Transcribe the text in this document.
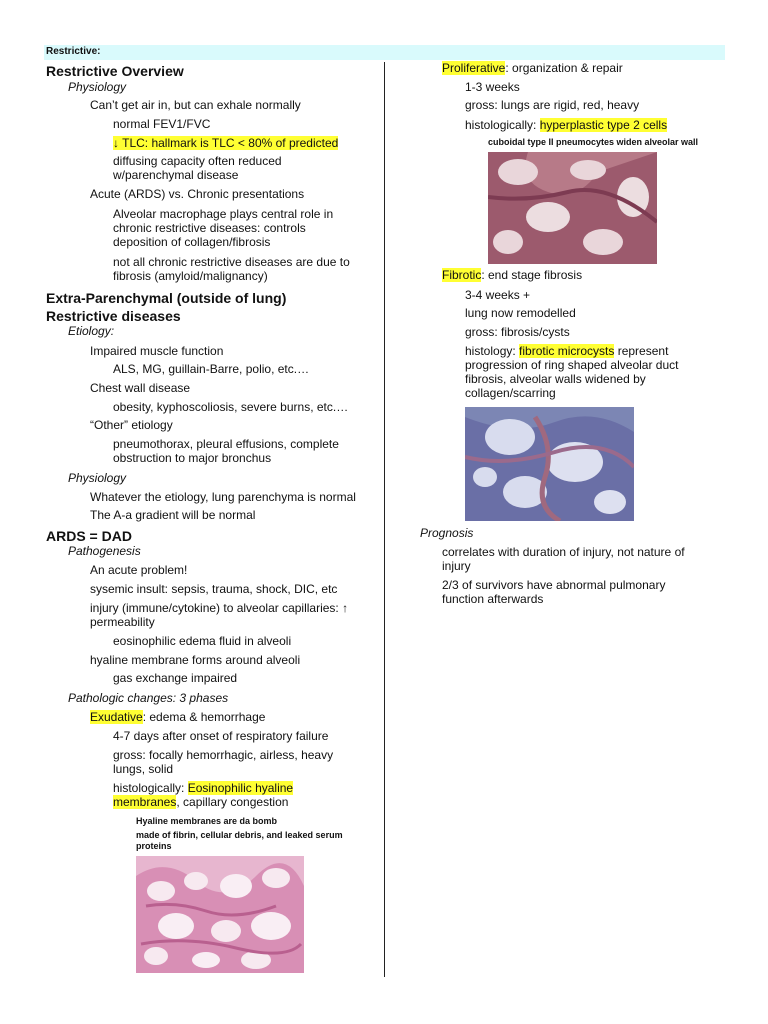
Restrictive:
Restrictive Overview
Physiology
Can’t get air in, but can exhale normally
normal FEV1/FVC
↓ TLC: hallmark is TLC < 80% of predicted
diffusing capacity often reduced w/parenchymal disease
Acute (ARDS) vs. Chronic presentations
Alveolar macrophage plays central role in chronic restrictive diseases: controls deposition of collagen/fibrosis
not all chronic restrictive diseases are due to fibrosis (amyloid/malignancy)
Extra-Parenchymal (outside of lung)
Restrictive diseases
Etiology:
Impaired muscle function
ALS, MG, guillain-Barre, polio, etc.…
Chest wall disease
obesity, kyphoscoliosis, severe burns, etc.…
“Other” etiology
pneumothorax, pleural effusions, complete obstruction to major bronchus
Physiology
Whatever the etiology, lung parenchyma is normal
The A-a gradient will be normal
ARDS = DAD
Pathogenesis
An acute problem!
sysemic insult: sepsis, trauma, shock, DIC, etc
injury (immune/cytokine) to alveolar capillaries: ↑ permeability
eosinophilic edema fluid in alveoli
hyaline membrane forms around alveoli
gas exchange impaired
Pathologic changes: 3 phases
Exudative: edema & hemorrhage
4-7 days after onset of respiratory failure
gross: focally hemorrhagic, airless, heavy lungs, solid
histologically: Eosinophilic hyaline membranes, capillary congestion
Hyaline membranes are da bomb
made of fibrin, cellular debris, and leaked serum proteins
Proliferative: organization & repair
1-3 weeks
gross: lungs are rigid, red, heavy
histologically: hyperplastic type 2 cells
cuboidal type II pneumocytes widen alveolar wall
Fibrotic: end stage fibrosis
3-4 weeks +
lung now remodelled
gross: fibrosis/cysts
histology: fibrotic microcysts represent progression of ring shaped alveolar duct fibrosis, alveolar walls widened by collagen/scarring
Prognosis
correlates with duration of injury, not nature of injury
2/3 of survivors have abnormal pulmonary function afterwards
